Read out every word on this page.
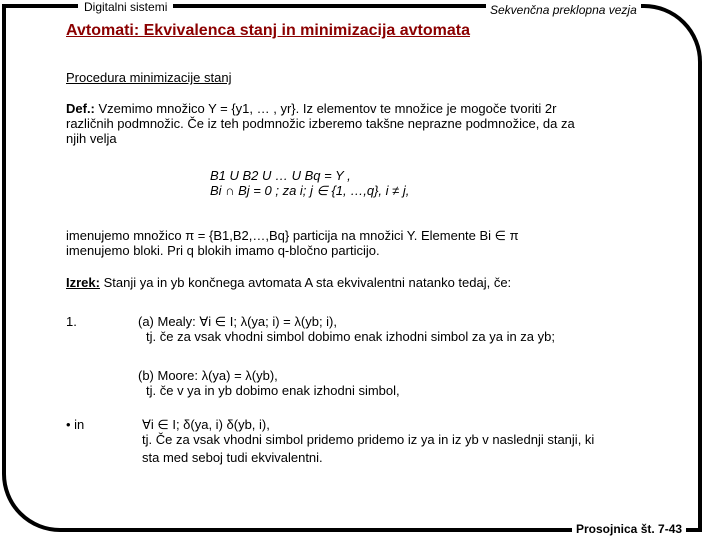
Digitalni sistemi	Sekvenčna preklopna vezja
Avtomati: Ekvivalenca stanj in minimizacija avtomata
Procedura minimizacije stanj
Def.: Vzemimo množico Y = {y1, … , yr}. Iz elementov te množice je mogoče tvoriti 2r
različnih podmnožic. Če iz teh podmnožic izberemo takšne neprazne podmnožice, da za
njih velja
B1 U B2 U … U Bq = Y ,
Bi ∩ Bj = 0 ; za i; j ∈ {1, …,q}, i ≠ j,
imenujemo množico π = {B1,B2,…,Bq} particija na množici Y. Elemente Bi ∈ π
imenujemo bloki. Pri q blokih imamo q-bločno particijo.
Izrek: Stanji ya in yb končnega avtomata A sta ekvivalentni natanko tedaj, če:
1.	(a) Mealy: ∀i ∈ I; λ(ya; i) = λ(yb; i),
tj. če za vsak vhodni simbol dobimo enak izhodni simbol za ya in za yb;
(b) Moore: λ(ya) = λ(yb),
tj. če v ya in yb dobimo enak izhodni simbol,
• in	∀i ∈ I; δ(ya, i) δ(yb, i),
tj. Če za vsak vhodni simbol pridemo pridemo iz ya in iz yb v naslednji stanji, ki
sta med seboj tudi ekvivalentni.
Prosojnica št. 7-43
